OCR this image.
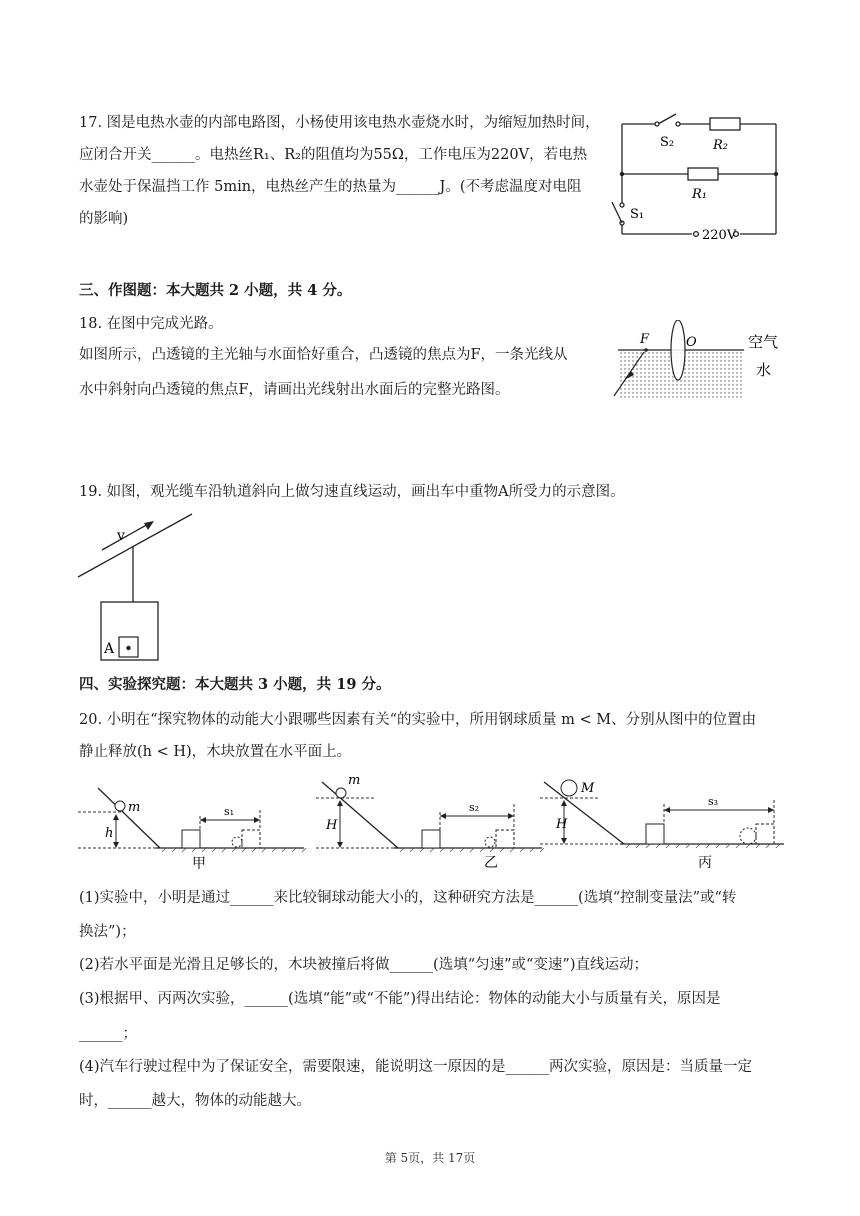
17. 图是电热水壶的内部电路图，小杨使用该电热水壶烧水时，为缩短加热时间，
应闭合开关______。电热丝R₁、R₂的阻值均为55Ω，工作电压为220V，若电热
水壶处于保温挡工作 5min，电热丝产生的热量为______J。(不考虑温度对电阻
的影响)
S₂	R₂
R₁
S₁
220V
三、作图题：本大题共 2 小题，共 4 分。
18. 在图中完成光路。
如图所示，凸透镜的主光轴与水面恰好重合，凸透镜的焦点为F，一条光线从
水中斜射向凸透镜的焦点F，请画出光线射出水面后的完整光路图。
F	O	空气
水
19. 如图，观光缆车沿轨道斜向上做匀速直线运动，画出车中重物A所受力的示意图。
v
A
四、实验探究题：本大题共 3 小题，共 19 分。
20. 小明在“探究物体的动能大小跟哪些因素有关“的实验中，所用钢球质量 m < M、分别从图中的位置由
静止释放(h < H)，木块放置在水平面上。
m
h
s₁
甲
m
H
s₂
乙
M
H
s₃
丙
(1)实验中，小明是通过______来比较铜球动能大小的，这种研究方法是______(选填“控制变量法”或“转
换法”)；
(2)若水平面是光滑且足够长的，木块被撞后将做______(选填“匀速”或“变速”)直线运动；
(3)根据甲、丙两次实验，______(选填“能”或“不能”)得出结论：物体的动能大小与质量有关，原因是
______；
(4)汽车行驶过程中为了保证安全，需要限速，能说明这一原因的是______两次实验，原因是：当质量一定
时，______越大，物体的动能越大。
第 5页，共 17页
